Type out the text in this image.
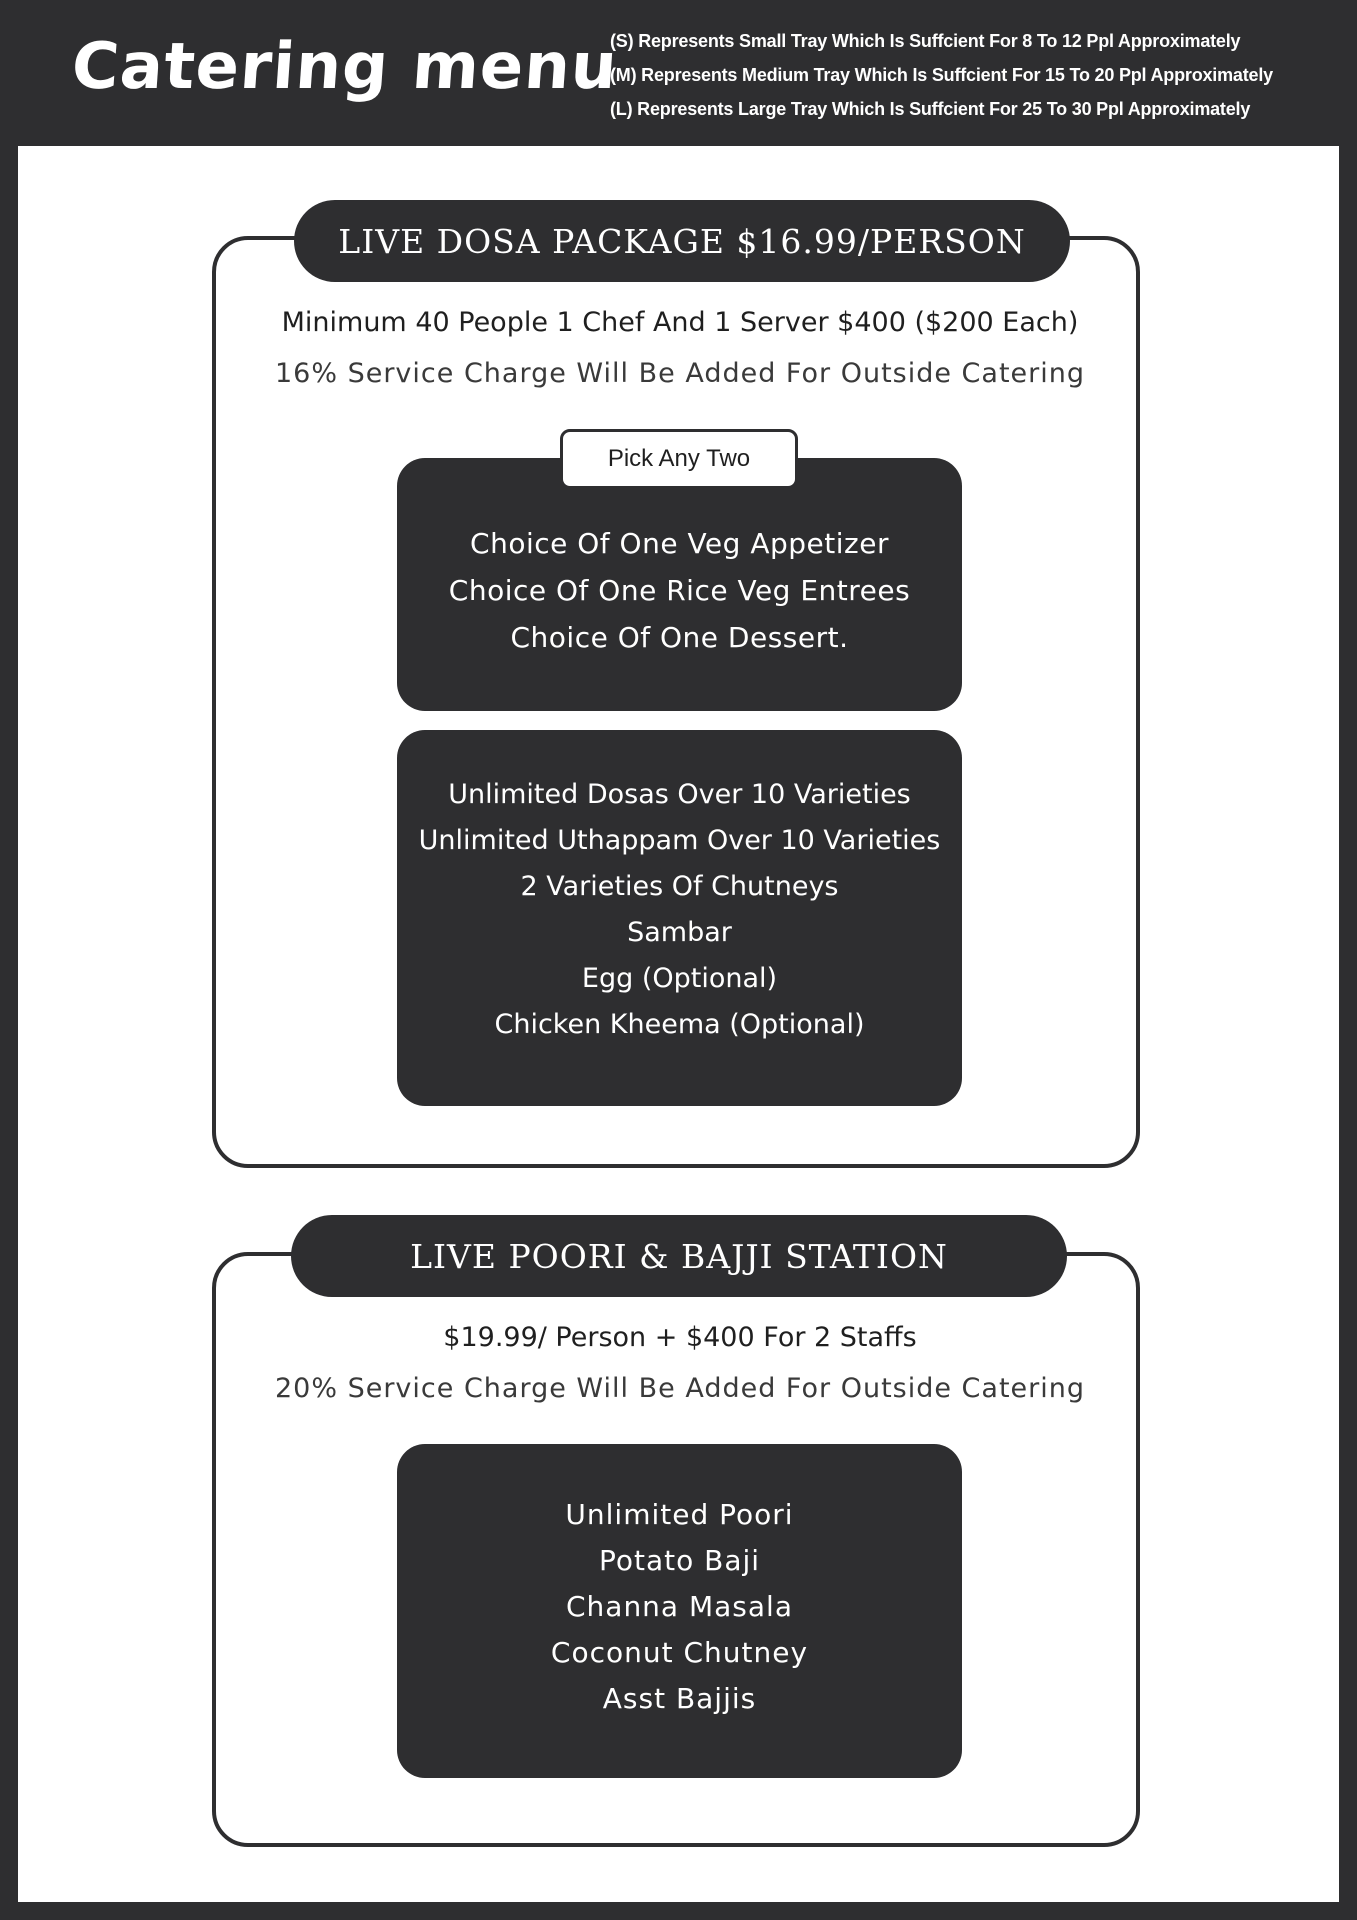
Catering menu
(S) Represents Small Tray Which Is Suffcient For 8 To 12 Ppl Approximately
(M) Represents Medium Tray Which Is Suffcient For 15 To 20 Ppl Approximately
(L) Represents Large Tray Which Is Suffcient For 25 To 30 Ppl Approximately
LIVE DOSA PACKAGE $16.99/PERSON
Minimum 40 People 1 Chef And 1 Server $400 ($200 Each)
16% Service Charge Will Be Added For Outside Catering
Choice Of One Veg Appetizer
Choice Of One Rice Veg Entrees
Choice Of One Dessert.
Pick Any Two
Unlimited Dosas Over 10 Varieties
Unlimited Uthappam Over 10 Varieties
2 Varieties Of Chutneys
Sambar
Egg (Optional)
Chicken Kheema (Optional)
LIVE POORI & BAJJI STATION
$19.99/ Person + $400 For 2 Staffs
20% Service Charge Will Be Added For Outside Catering
Unlimited Poori
Potato Baji
Channa Masala
Coconut Chutney
Asst Bajjis
